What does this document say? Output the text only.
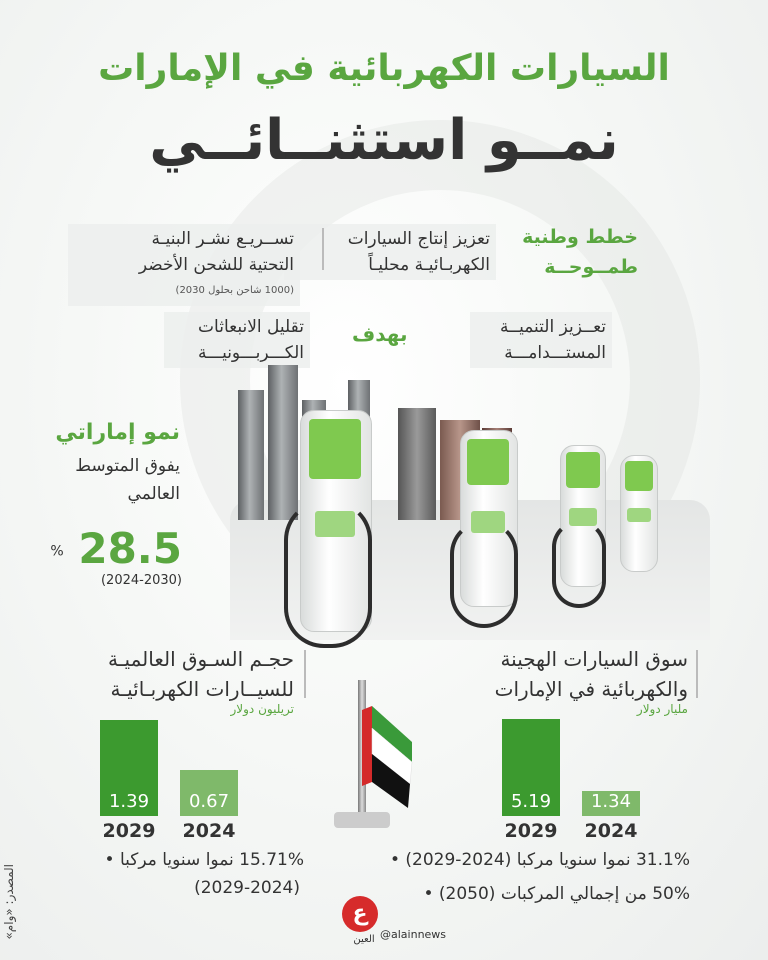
السيارات الكهربائية في الإمارات
نمــو استثنــائــي
خطط وطنية
طمــوحــة
تعزيز إنتاج السيارات
الكهربـائيـة محليـاً
تســريـع نشـر البنيـة
التحتية للشحن الأخضر
(1000 شاحن بحلول 2030)
بهدف	تعــزيز التنميــة
المستـــدامـــة
تقليل الانبعاثات
الكـــربـــونيـــة
نمو إماراتي
يفوق المتوسط
العالمي
% 28.5
(2024-2030)
حجـم السـوق العالميـة
للسيــارات الكهربـائيـة
تريليون دولار
1.39
2029
0.67
2024
15.71% نموا سنويا مركبا •
(2029-2024)
سوق السيارات الهجينة
والكهربائية في الإمارات
مليار دولار
5.19
2029
1.34
2024
31.1% نموا سنويا مركبا (2024-2029) •
50% من إجمالي المركبات (2050) •
المصدر: «وام»	ع
العين @alainnews
